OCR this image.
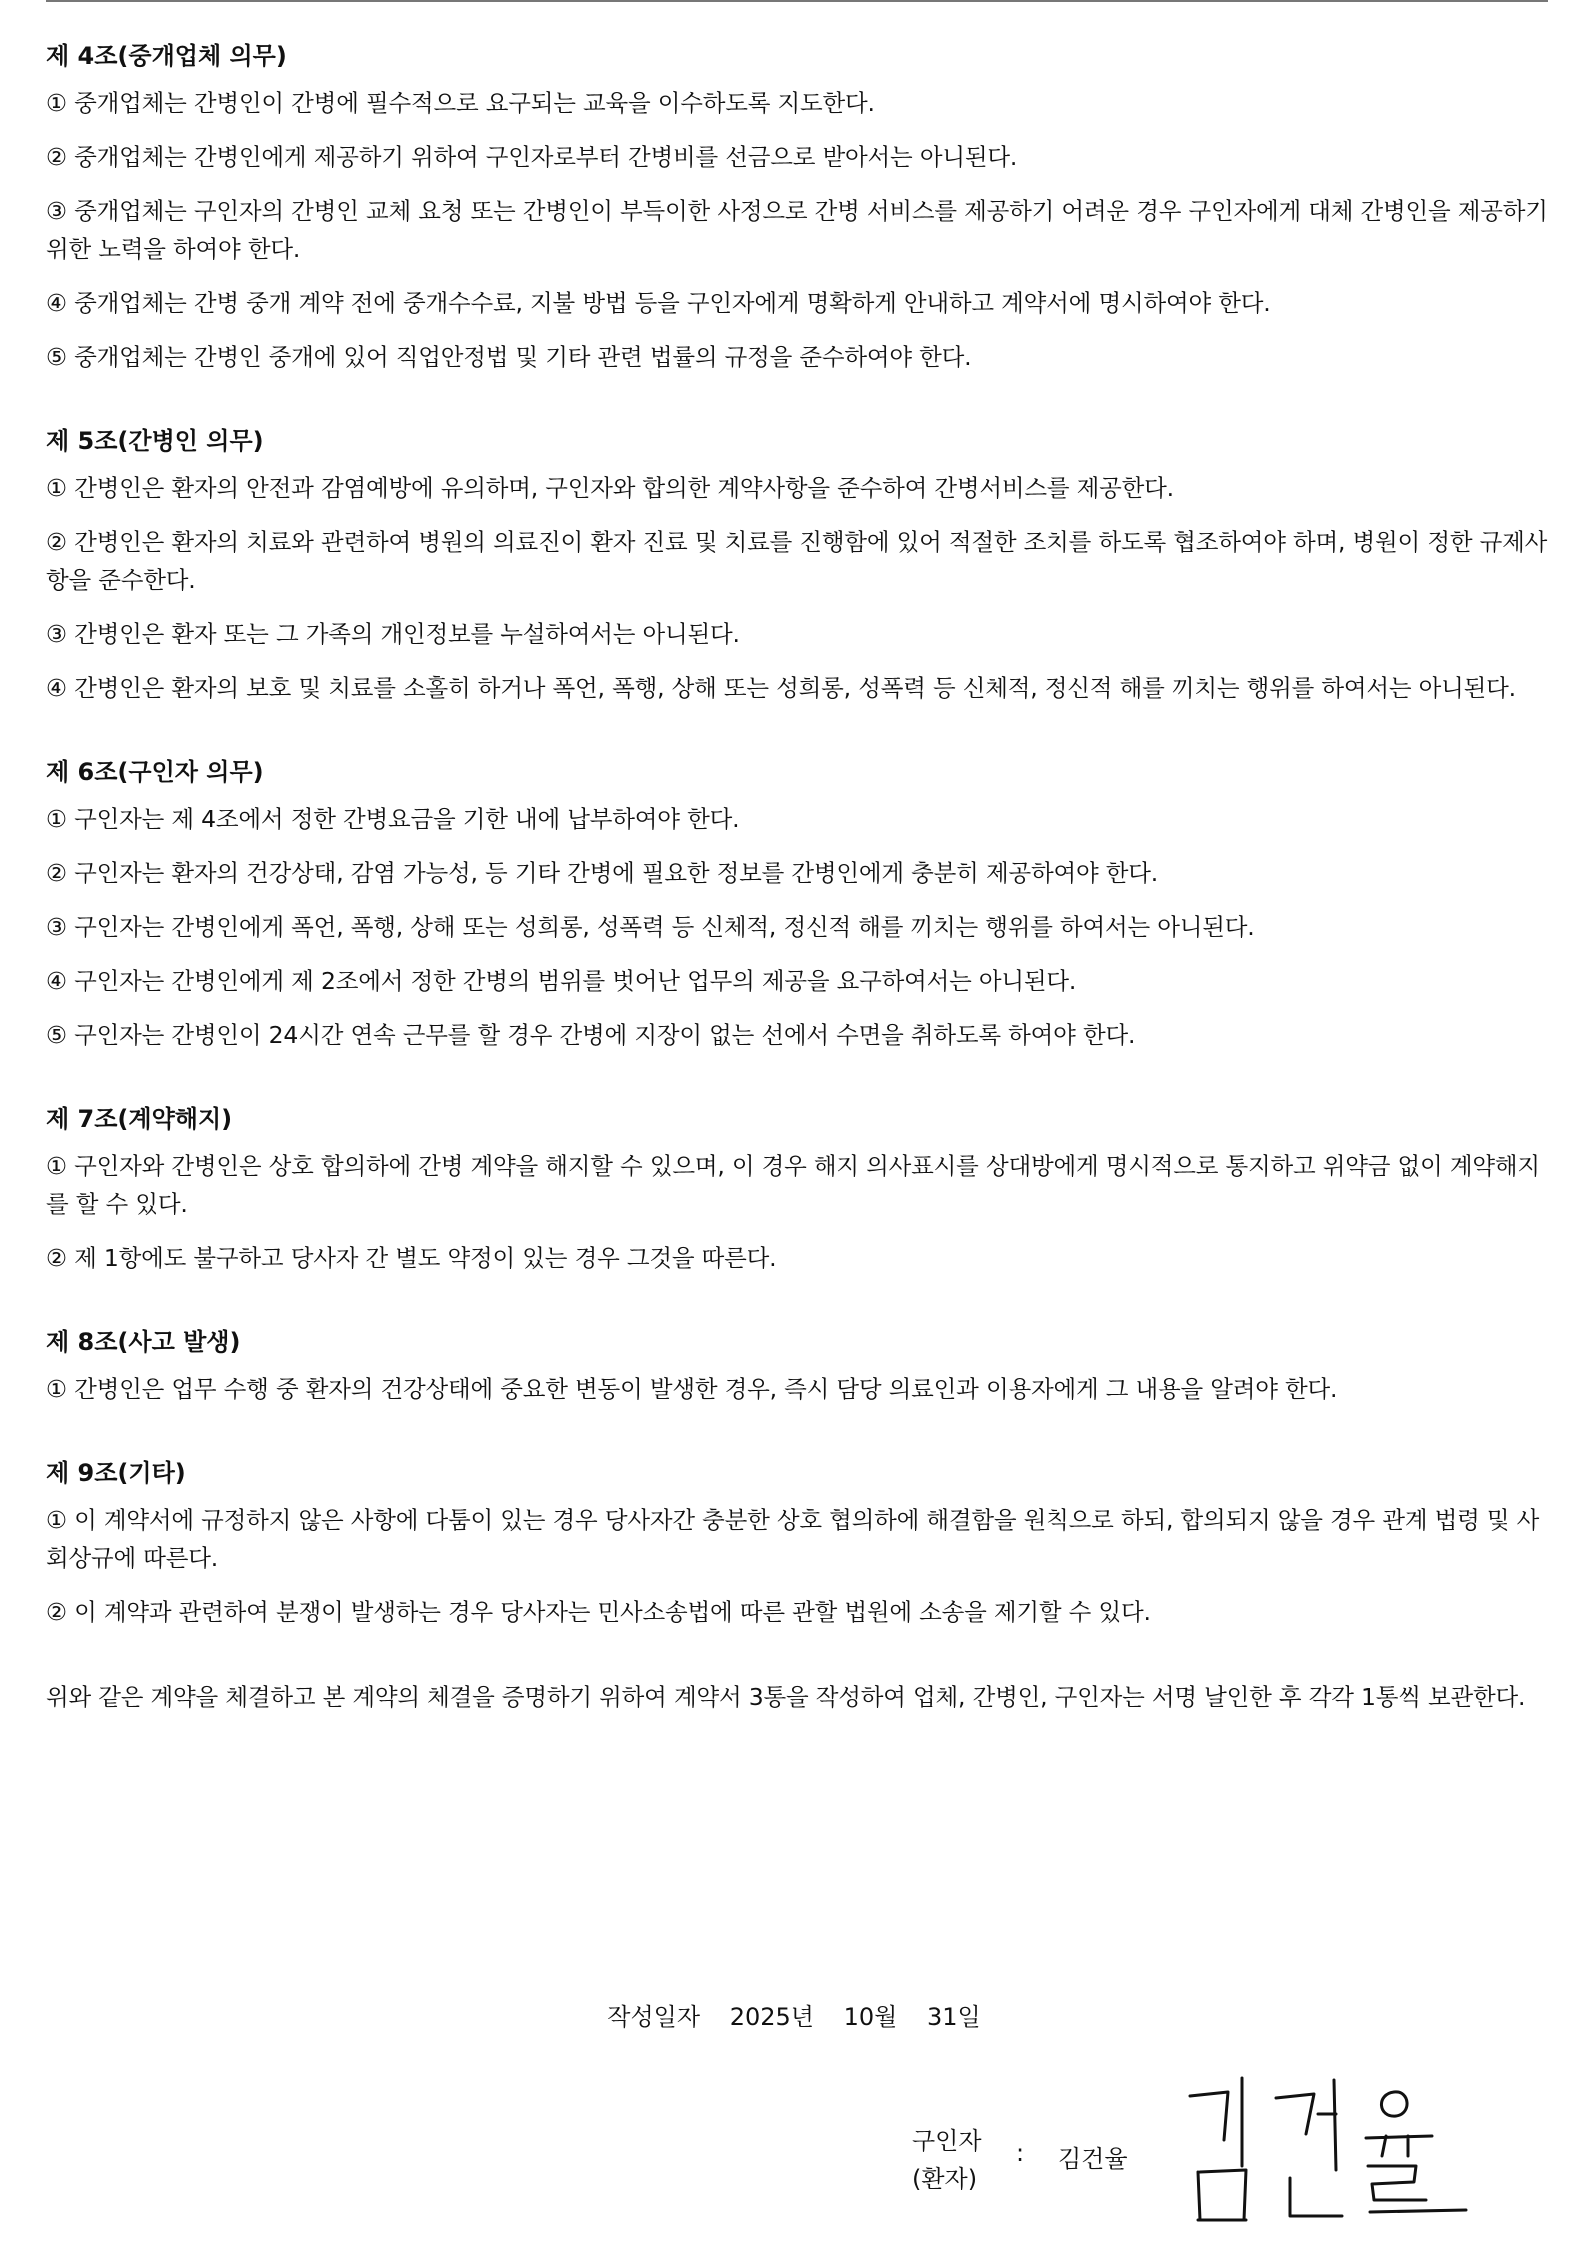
제 4조(중개업체 의무)
① 중개업체는 간병인이 간병에 필수적으로 요구되는 교육을 이수하도록 지도한다.
② 중개업체는 간병인에게 제공하기 위하여 구인자로부터 간병비를 선금으로 받아서는 아니된다.
③ 중개업체는 구인자의 간병인 교체 요청 또는 간병인이 부득이한 사정으로 간병 서비스를 제공하기 어려운 경우 구인자에게 대체 간병인을 제공하기 위한 노력을 하여야 한다.
④ 중개업체는 간병 중개 계약 전에 중개수수료, 지불 방법 등을 구인자에게 명확하게 안내하고 계약서에 명시하여야 한다.
⑤ 중개업체는 간병인 중개에 있어 직업안정법 및 기타 관련 법률의 규정을 준수하여야 한다.
제 5조(간병인 의무)
① 간병인은 환자의 안전과 감염예방에 유의하며, 구인자와 합의한 계약사항을 준수하여 간병서비스를 제공한다.
② 간병인은 환자의 치료와 관련하여 병원의 의료진이 환자 진료 및 치료를 진행함에 있어 적절한 조치를 하도록 협조하여야 하며, 병원이 정한 규제사항을 준수한다.
③ 간병인은 환자 또는 그 가족의 개인정보를 누설하여서는 아니된다.
④ 간병인은 환자의 보호 및 치료를 소홀히 하거나 폭언, 폭행, 상해 또는 성희롱, 성폭력 등 신체적, 정신적 해를 끼치는 행위를 하여서는 아니된다.
제 6조(구인자 의무)
① 구인자는 제 4조에서 정한 간병요금을 기한 내에 납부하여야 한다.
② 구인자는 환자의 건강상태, 감염 가능성, 등 기타 간병에 필요한 정보를 간병인에게 충분히 제공하여야 한다.
③ 구인자는 간병인에게 폭언, 폭행, 상해 또는 성희롱, 성폭력 등 신체적, 정신적 해를 끼치는 행위를 하여서는 아니된다.
④ 구인자는 간병인에게 제 2조에서 정한 간병의 범위를 벗어난 업무의 제공을 요구하여서는 아니된다.
⑤ 구인자는 간병인이 24시간 연속 근무를 할 경우 간병에 지장이 없는 선에서 수면을 취하도록 하여야 한다.
제 7조(계약해지)
① 구인자와 간병인은 상호 합의하에 간병 계약을 해지할 수 있으며, 이 경우 해지 의사표시를 상대방에게 명시적으로 통지하고 위약금 없이 계약해지를 할 수 있다.
② 제 1항에도 불구하고 당사자 간 별도 약정이 있는 경우 그것을 따른다.
제 8조(사고 발생)
① 간병인은 업무 수행 중 환자의 건강상태에 중요한 변동이 발생한 경우, 즉시 담당 의료인과 이용자에게 그 내용을 알려야 한다.
제 9조(기타)
① 이 계약서에 규정하지 않은 사항에 다툼이 있는 경우 당사자간 충분한 상호 협의하에 해결함을 원칙으로 하되, 합의되지 않을 경우 관계 법령 및 사회상규에 따른다.
② 이 계약과 관련하여 분쟁이 발생하는 경우 당사자는 민사소송법에 따른 관할 법원에 소송을 제기할 수 있다.
위와 같은 계약을 체결하고 본 계약의 체결을 증명하기 위하여 계약서 3통을 작성하여 업체, 간병인, 구인자는 서명 날인한 후 각각 1통씩 보관한다.
작성일자 2025년 10월 31일
구인자
(환자)
: 김건율
